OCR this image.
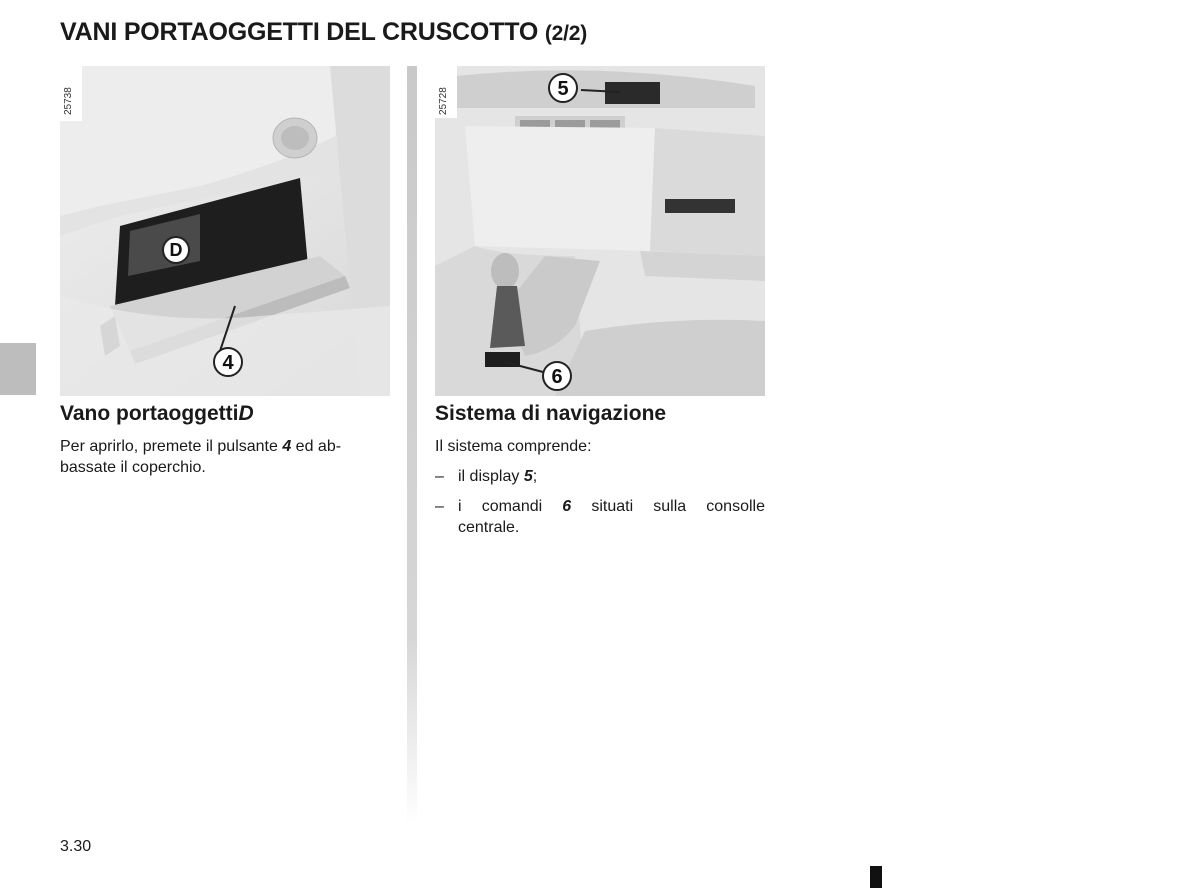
VANI PORTAOGGETTI DEL CRUSCOTTO (2/2)
D
4
25738	5
6
25728
Vano portaoggettiD
Per aprirlo, premete il pulsante 4 ed ab-
bassate il coperchio.
Sistema di navigazione
Il sistema comprende:
– il display 5;
– i comandi 6 situati sulla consolle
centrale.
3.30
